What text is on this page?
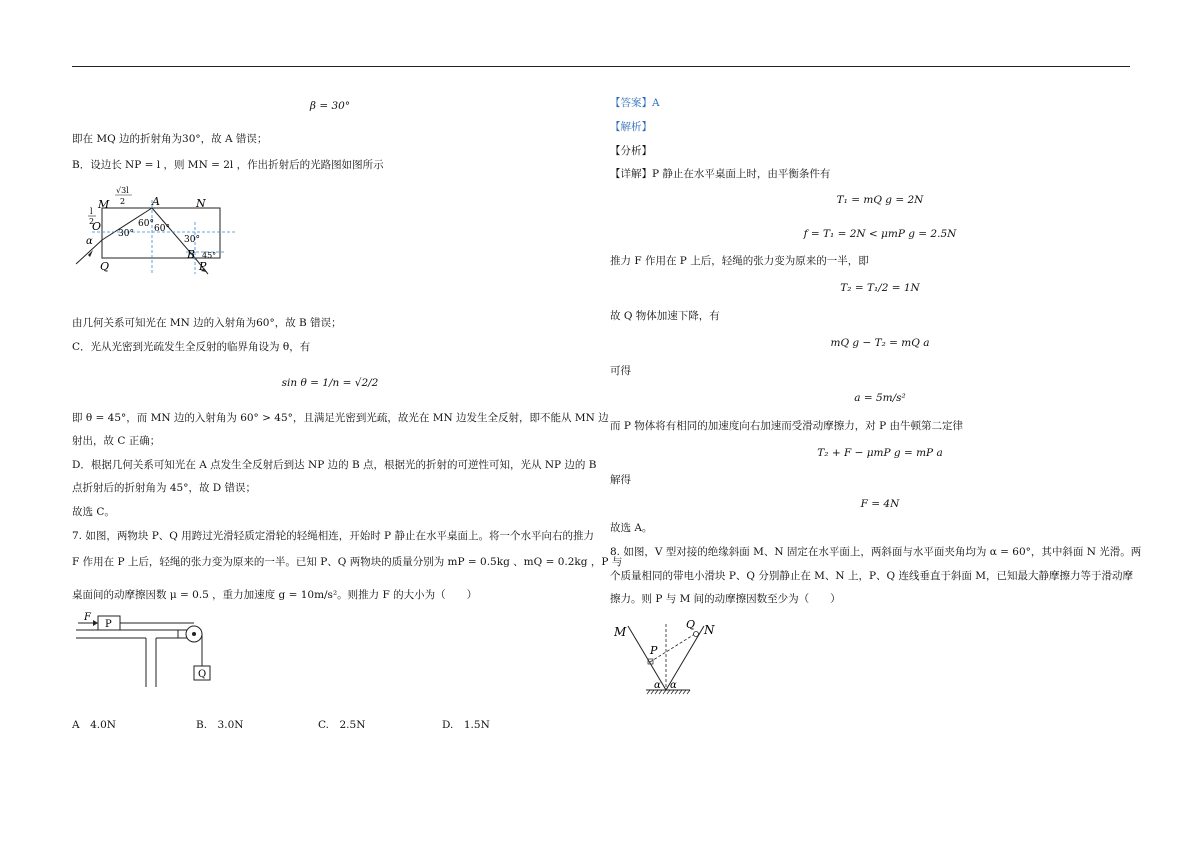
β = 30°
即在 MQ 边的折射角为30°，故 A 错误；
B．设边长 NP = l ，则 MN = 2l ，作出折射后的光路图如图所示
M	N
A
O
α
B
Q	P
√3l
2
l
2
30°
60° 60°
30°
45°
由几何关系可知光在 MN 边的入射角为60°，故 B 错误；
C．光从光密到光疏发生全反射的临界角设为 θ，有
sin θ = 1/n = √2/2
即 θ = 45°，而 MN 边的入射角为 60° > 45°，且满足光密到光疏，故光在 MN 边发生全反射，即不能从 MN 边
射出，故 C 正确；
D．根据几何关系可知光在 A 点发生全反射后到达 NP 边的 B 点，根据光的折射的可逆性可知，光从 NP 边的 B
点折射后的折射角为 45°，故 D 错误；
故选 C。
7. 如图，两物块 P、Q 用跨过光滑轻质定滑轮的轻绳相连，开始时 P 静止在水平桌面上。将一个水平向右的推力
F 作用在 P 上后，轻绳的张力变为原来的一半。已知 P、Q 两物块的质量分别为 mP = 0.5kg 、mQ = 0.2kg ，P 与
桌面间的动摩擦因数 μ = 0.5 ，重力加速度 g = 10m/s²。则推力 F 的大小为（　　）
P
F
Q
A　4.0N	B.　3.0N	C.　2.5N	D.　1.5N
【答案】A
【解析】
【分析】
【详解】P 静止在水平桌面上时，由平衡条件有
T₁ = mQ g = 2N
f = T₁ = 2N < μmP g = 2.5N
推力 F 作用在 P 上后，轻绳的张力变为原来的一半，即
T₂ = T₁/2 = 1N
故 Q 物体加速下降，有
mQ g − T₂ = mQ a
可得
a = 5m/s²
而 P 物体将有相同的加速度向右加速而受滑动摩擦力，对 P 由牛顿第二定律
T₂ + F − μmP g = mP a
解得
F = 4N
故选 A。
8. 如图，V 型对接的绝缘斜面 M、N 固定在水平面上，两斜面与水平面夹角均为 α = 60°，其中斜面 N 光滑。两
个质量相同的带电小滑块 P、Q 分别静止在 M、N 上，P、Q 连线垂直于斜面 M，已知最大静摩擦力等于滑动摩
擦力。则 P 与 M 间的动摩擦因数至少为（　　）
M	N
P
Q
α α
